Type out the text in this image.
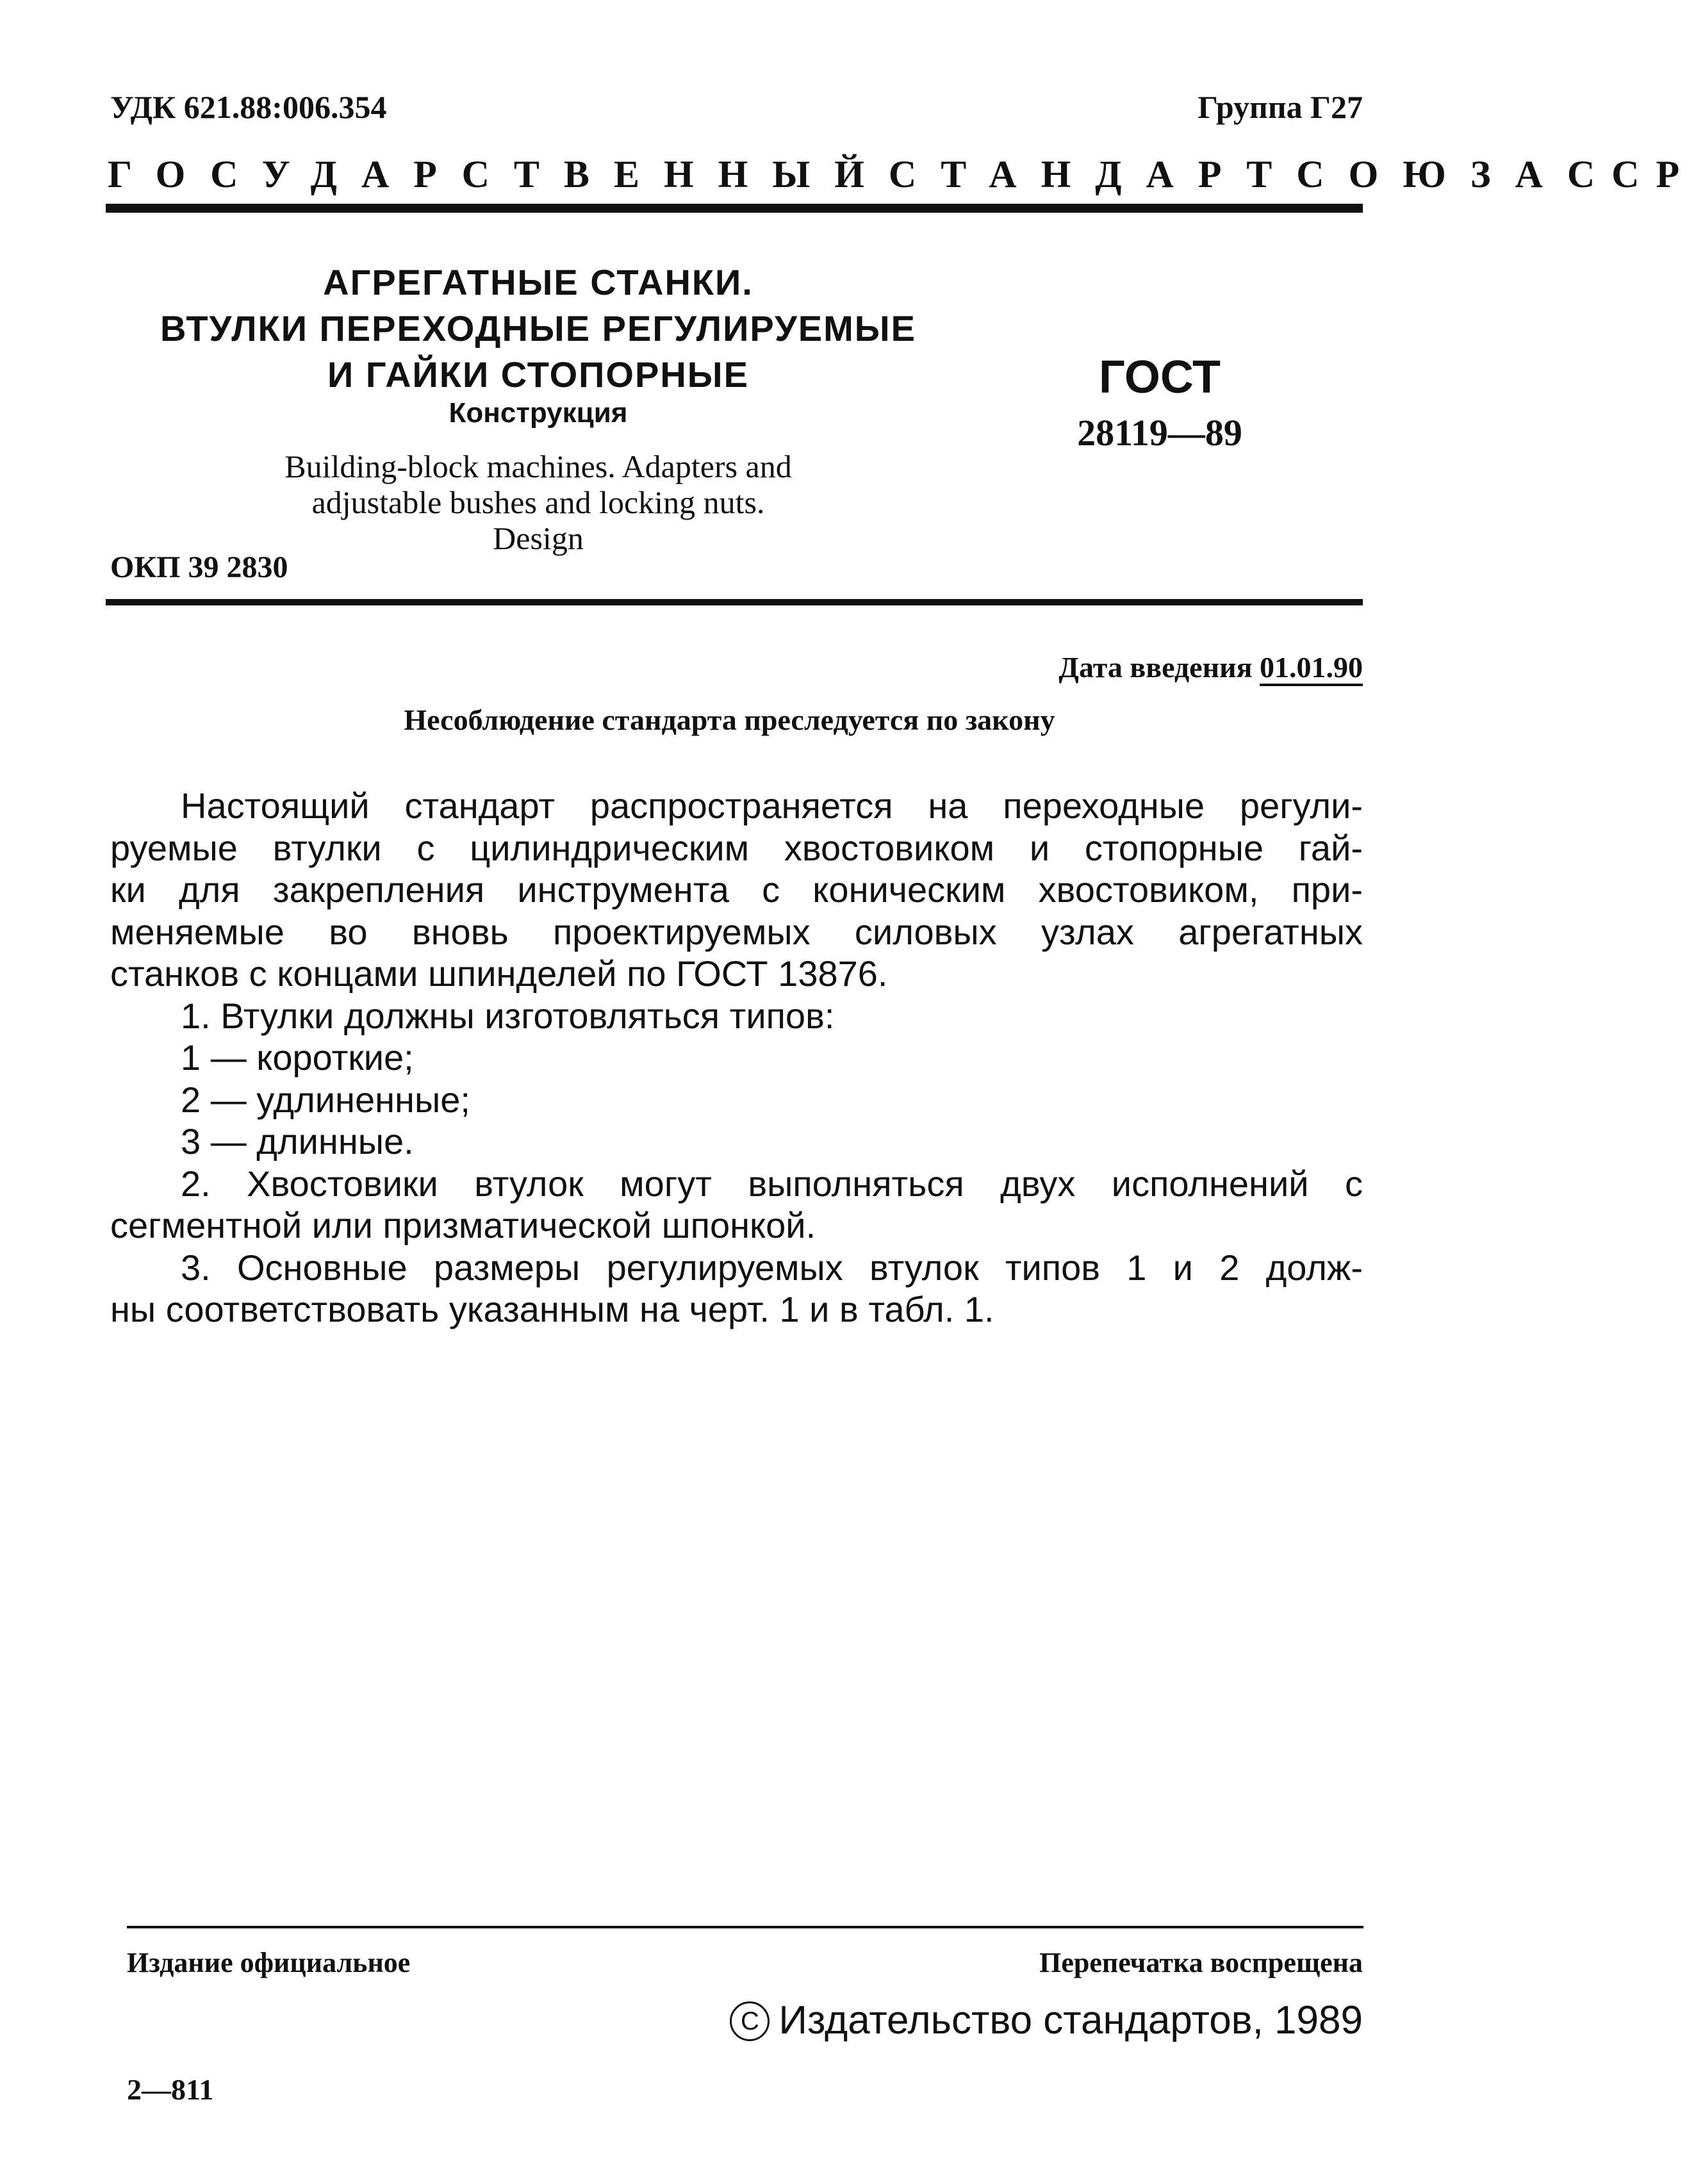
УДК 621.88:006.354	Группа Г27
ГОСУДАРСТВЕННЫЙ СТАНДАРТ СОЮЗА ССР
АГРЕГАТНЫЕ СТАНКИ.
ВТУЛКИ ПЕРЕХОДНЫЕ РЕГУЛИРУЕМЫЕ
И ГАЙКИ СТОПОРНЫЕ
Конструкция
Building-block machines. Adapters and
adjustable bushes and locking nuts.
Design
ГОСТ
28119—89
ОКП 39 2830
Дата введения 01.01.90
Несоблюдение стандарта преследуется по закону

Настоящий стандарт распространяется на переходные регули-

руемые втулки с цилиндрическим хвостовиком и стопорные гай-

ки для закрепления инструмента с коническим хвостовиком, при-

меняемые во вновь проектируемых силовых узлах агрегатных

станков с концами шпинделей по ГОСТ 13876.

1. Втулки должны изготовляться типов:

1 — короткие;

2 — удлиненные;

3 — длинные.

2. Хвостовики втулок могут выполняться двух исполнений с

сегментной или призматической шпонкой.

3. Основные размеры регулируемых втулок типов 1 и 2 долж-

ны соответствовать указанным на черт. 1 и в табл. 1.

Издание официальное	Перепечатка воспрещена
C Издательство стандартов, 1989
2—811
